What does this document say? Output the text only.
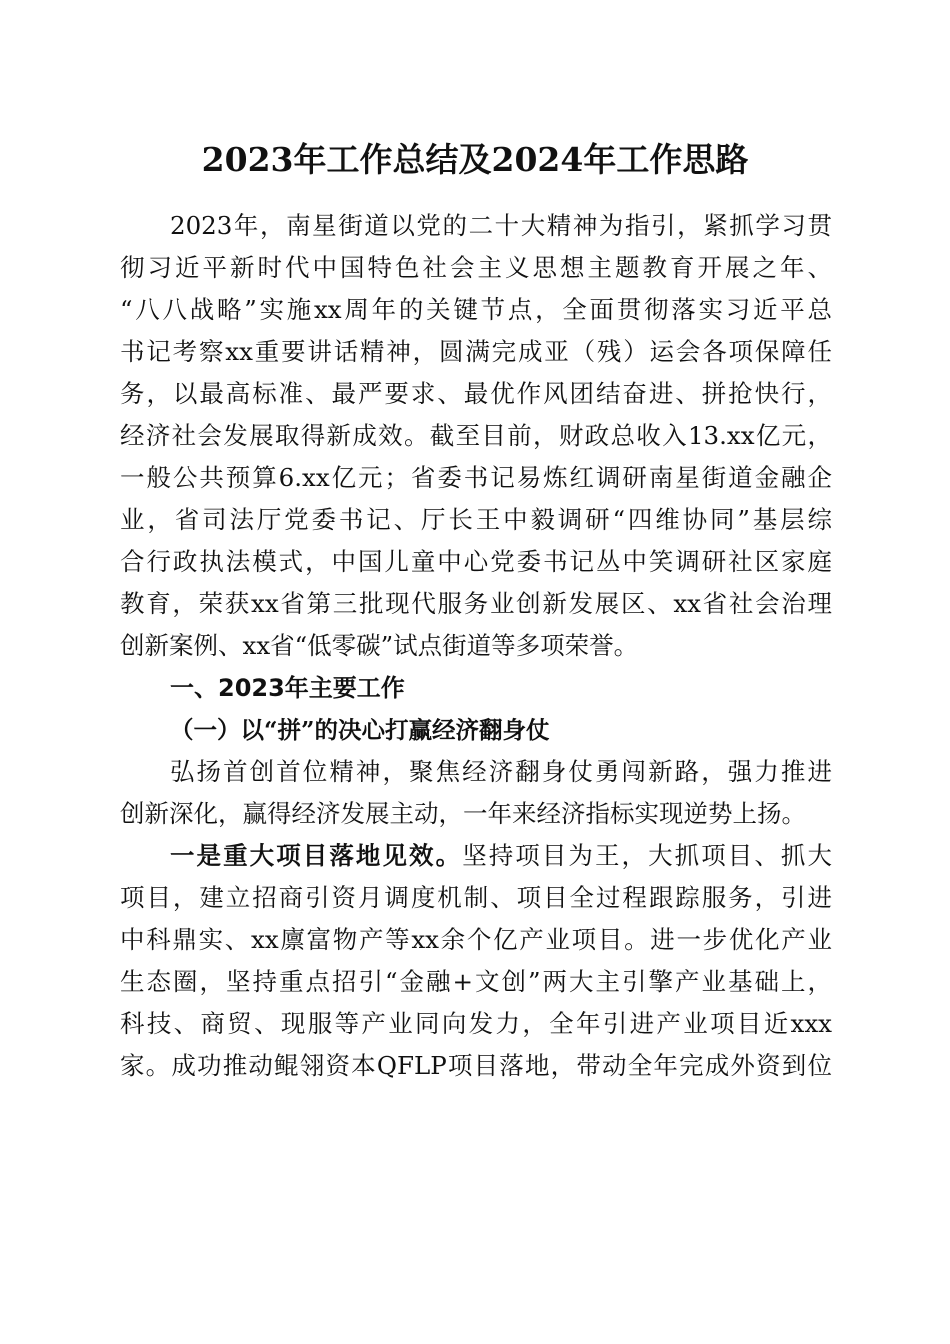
2023年工作总结及2024年工作思路

2023年，南星街道以党的二十大精神为指引，紧抓学习贯

彻习近平新时代中国特色社会主义思想主题教育开展之年、

“八八战略”实施xx周年的关键节点，全面贯彻落实习近平总

书记考察xx重要讲话精神，圆满完成亚（残）运会各项保障任

务，以最高标准、最严要求、最优作风团结奋进、拼抢快行，

经济社会发展取得新成效。截至目前，财政总收入13.xx亿元，

一般公共预算6.xx亿元；省委书记易炼红调研南星街道金融企

业，省司法厅党委书记、厅长王中毅调研“四维协同”基层综

合行政执法模式，中国儿童中心党委书记丛中笑调研社区家庭

教育，荣获xx省第三批现代服务业创新发展区、xx省社会治理

创新案例、xx省“低零碳”试点街道等多项荣誉。

一、2023年主要工作
（一）以“拼”的决心打赢经济翻身仗

弘扬首创首位精神，聚焦经济翻身仗勇闯新路，强力推进

创新深化，赢得经济发展主动，一年来经济指标实现逆势上扬。

一是重大项目落地见效。坚持项目为王，大抓项目、抓大

项目，建立招商引资月调度机制、项目全过程跟踪服务，引进

中科鼎实、xx廪富物产等xx余个亿产业项目。进一步优化产业

生态圈，坚持重点招引“金融+文创”两大主引擎产业基础上，

科技、商贸、现服等产业同向发力，全年引进产业项目近xxx

家。成功推动鲲翎资本QFLP项目落地，带动全年完成外资到位
